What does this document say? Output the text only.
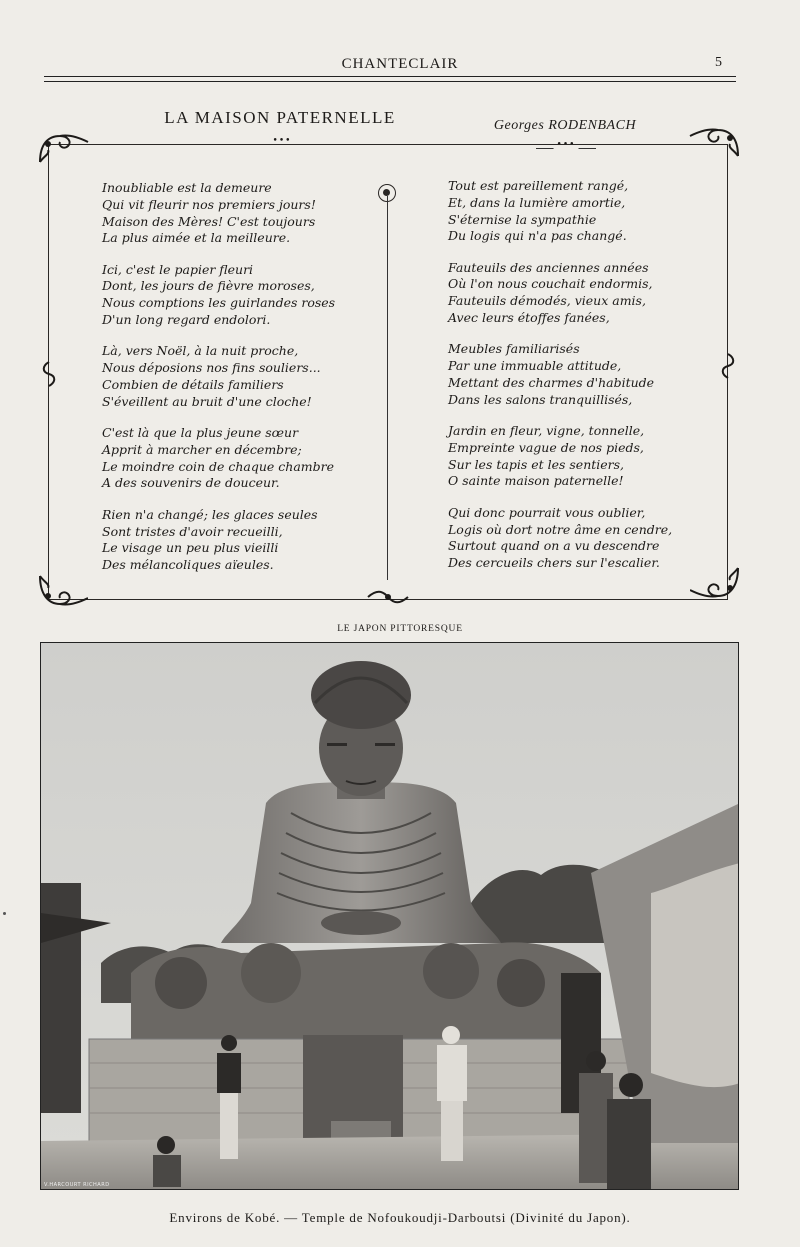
CHANTECLAIR	5
LA MAISON PATERNELLE	Georges RODENBACH
•••
•••
Inoubliable est la demeure
Qui vit fleurir nos premiers jours!
Maison des Mères! C'est toujours
La plus aimée et la meilleure.
Ici, c'est le papier fleuri
Dont, les jours de fièvre moroses,
Nous comptions les guirlandes roses
D'un long regard endolori.
Là, vers Noël, à la nuit proche,
Nous déposions nos fins souliers...
Combien de détails familiers
S'éveillent au bruit d'une cloche!
C'est là que la plus jeune sœur
Apprit à marcher en décembre;
Le moindre coin de chaque chambre
A des souvenirs de douceur.
Rien n'a changé; les glaces seules
Sont tristes d'avoir recueilli,
Le visage un peu plus vieilli
Des mélancoliques aïeules.
Tout est pareillement rangé,
Et, dans la lumière amortie,
S'éternise la sympathie
Du logis qui n'a pas changé.
Fauteuils des anciennes années
Où l'on nous couchait endormis,
Fauteuils démodés, vieux amis,
Avec leurs étoffes fanées,
Meubles familiarisés
Par une immuable attitude,
Mettant des charmes d'habitude
Dans les salons tranquillisés,
Jardin en fleur, vigne, tonnelle,
Empreinte vague de nos pieds,
Sur les tapis et les sentiers,
O sainte maison paternelle!
Qui donc pourrait vous oublier,
Logis où dort notre âme en cendre,
Surtout quand on a vu descendre
Des cercueils chers sur l'escalier.
LE JAPON PITTORESQUE
V.HARCOURT RICHARD
Environs de Kobé. — Temple de Nofoukoudji-Darboutsi (Divinité du Japon).
